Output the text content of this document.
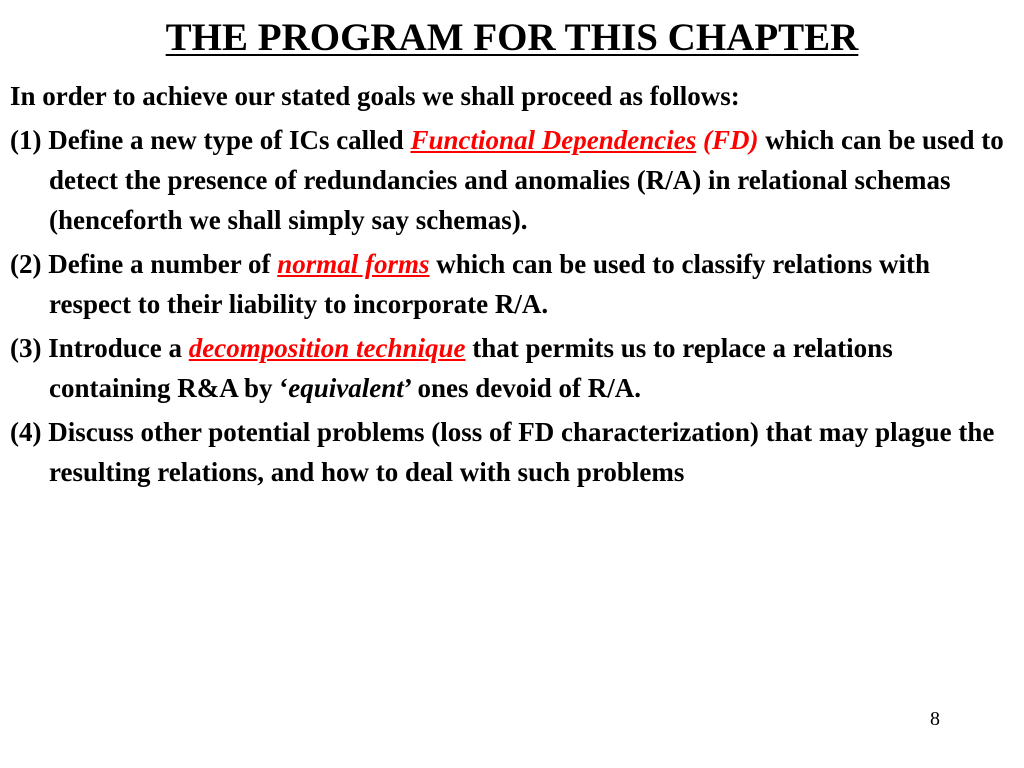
THE PROGRAM FOR THIS CHAPTER

In order to achieve our stated goals we shall proceed as follows:

(1) Define a new type of ICs called Functional Dependencies (FD) which can be used to detect the presence of redundancies and anomalies (R/A) in relational schemas (henceforth we shall simply say schemas).

(2) Define a number of normal forms which can be used to classify relations with respect to their liability to incorporate R/A.

(3) Introduce a decomposition technique that permits us to replace a relations containing R&A by ‘equivalent’ ones devoid of R/A.

(4) Discuss other potential problems (loss of FD characterization) that may plague the resulting relations, and how to deal with such problems

8
